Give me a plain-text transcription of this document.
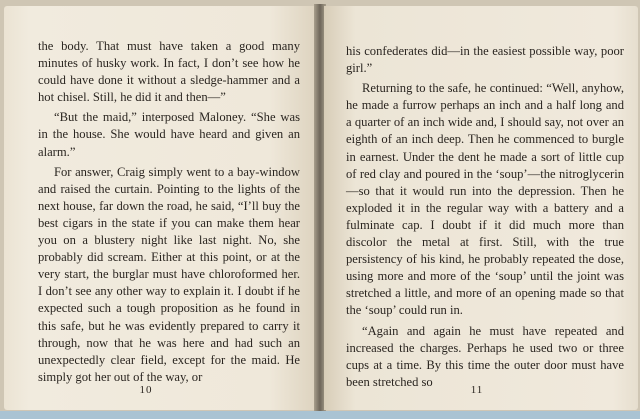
the body. That must have taken a good many minutes of husky work. In fact, I don’t see how he could have done it without a sledge-hammer and a hot chisel. Still, he did it and then—”

“But the maid,” interposed Maloney. “She was in the house. She would have heard and given an alarm.”

For answer, Craig simply went to a bay-window and raised the curtain. Pointing to the lights of the next house, far down the road, he said, “I’ll buy the best cigars in the state if you can make them hear you on a blustery night like last night. No, she probably did scream. Either at this point, or at the very start, the burglar must have chloroformed her. I don’t see any other way to explain it. I doubt if he expected such a tough proposition as he found in this safe, but he was evidently prepared to carry it through, now that he was here and had such an unexpectedly clear field, except for the maid. He simply got her out of the way, or

10

his confederates did—in the easiest possible way, poor girl.”

Returning to the safe, he continued: “Well, anyhow, he made a furrow perhaps an inch and a half long and a quarter of an inch wide and, I should say, not over an eighth of an inch deep. Then he commenced to burgle in earnest. Under the dent he made a sort of little cup of red clay and poured in the ‘soup’—the nitroglycerin—so that it would run into the depression. Then he exploded it in the regular way with a battery and a fulminate cap. I doubt if it did much more than discolor the metal at first. Still, with the true persistency of his kind, he probably repeated the dose, using more and more of the ‘soup’ until the joint was stretched a little, and more of an opening made so that the ‘soup’ could run in.

“Again and again he must have repeated and increased the charges. Perhaps he used two or three cups at a time. By this time the outer door must have been stretched so

11
